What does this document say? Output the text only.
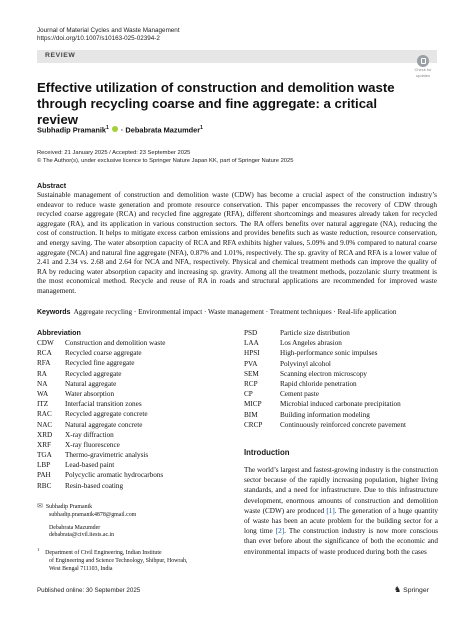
Journal of Material Cycles and Waste Management
https://doi.org/10.1007/s10163-025-02394-2
REVIEW
Check for
updates
Effective utilization of construction and demolition waste through recycling coarse and fine aggregate: a critical review
Subhadip Pramanik$^1$  · Debabrata Mazumder$^1$
Received: 21 January 2025 / Accepted: 23 September 2025
© The Author(s), under exclusive licence to Springer Nature Japan KK, part of Springer Nature 2025
Abstract
Sustainable management of construction and demolition waste (CDW) has become a crucial aspect of the construction industry’s endeavor to reduce waste generation and promote resource conservation. This paper encompasses the recovery of CDW through recycled coarse aggregate (RCA) and recycled fine aggregate (RFA), different shortcomings and measures already taken for recycled aggregate (RA), and its application in various construction sectors. The RA offers benefits over natural aggregate (NA), reducing the cost of construction. It helps to mitigate excess carbon emissions and provides benefits such as waste reduction, resource conservation, and energy saving. The water absorption capacity of RCA and RFA exhibits higher values, 5.09% and 9.0% compared to natural coarse aggregate (NCA) and natural fine aggregate (NFA), 0.87% and 1.01%, respectively. The sp. gravity of RCA and RFA is a lower value of 2.41 and 2.34 vs. 2.68 and 2.64 for NCA and NFA, respectively. Physical and chemical treatment methods can improve the quality of RA by reducing water absorption capacity and increasing sp. gravity. Among all the treatment methods, pozzolanic slurry treatment is the most economical method. Recycle and reuse of RA in roads and structural applications are recommended for improved waste management.
Keywords Aggregate recycling · Environmental impact · Waste management · Treatment techniques · Real-life application
Abbreviation
CDW Construction and demolition waste
RCA Recycled coarse aggregate
RFA Recycled fine aggregate
RA	Recycled aggregate
NA Natural aggregate
WA Water absorption
ITZ Interfacial transition zones
RAC Recycled aggregate concrete
NAC Natural aggregate concrete
XRD X-ray diffraction
XRF X-ray fluorescence
TGA Thermo-gravimetric analysis
LBP Lead-based paint
PAH Polycyclic aromatic hydrocarbons
RBC Resin-based coating
PSD	Particle size distribution
LAA	Los Angeles abrasion
HPSI	High-performance sonic impulses
PVA	Polyvinyl alcohol
SEM	Scanning electron microscopy
RCP	Rapid chloride penetration
CP	Cement paste
MICP	Microbial induced carbonate precipitation
BIM	Building information modeling
CRCP Continuously reinforced concrete pavement
✉ Subhadip Pramanik
subhadip.pramanik4878@gmail.com
Debabrata Mazumder
debabrata@civil.iiests.ac.in
$^1$    Department of Civil Engineering, Indian Institute
of Engineering and Science Technology, Shibpur, Howrah,
West Bengal 711103, India
Introduction
The world’s largest and fastest-growing industry is the construction sector because of the rapidly increasing population, higher living standards, and a need for infrastructure. Due to this infrastructure development, enormous amounts of construction and demolition waste (CDW) are produced [1]. The generation of a huge quantity of waste has been an acute problem for the building sector for a long time [2]. The construction industry is now more conscious than ever before about the significance of both the economic and environmental impacts of waste produced during both the cases
Published online: 30 September 2025	♞ Springer
